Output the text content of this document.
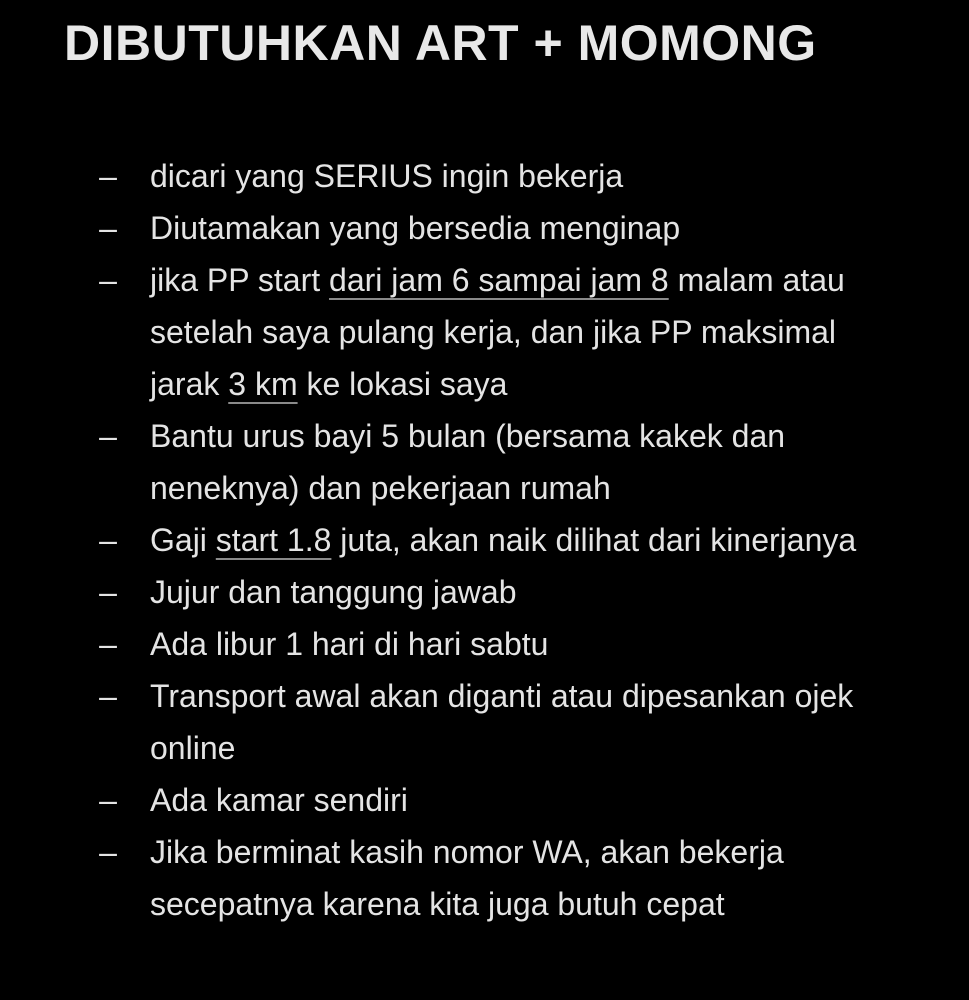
DIBUTUHKAN ART + MOMONG
– dicari yang SERIUS ingin bekerja
– Diutamakan yang bersedia menginap
– jika PP start dari jam 6 sampai jam 8 malam atau setelah saya pulang kerja, dan jika PP maksimal jarak 3 km ke lokasi saya
– Bantu urus bayi 5 bulan (bersama kakek dan neneknya) dan pekerjaan rumah
– Gaji start 1.8 juta, akan naik dilihat dari kinerjanya
– Jujur dan tanggung jawab
– Ada libur 1 hari di hari sabtu
– Transport awal akan diganti atau dipesankan ojek online
– Ada kamar sendiri
– Jika berminat kasih nomor WA, akan bekerja secepatnya karena kita juga butuh cepat
